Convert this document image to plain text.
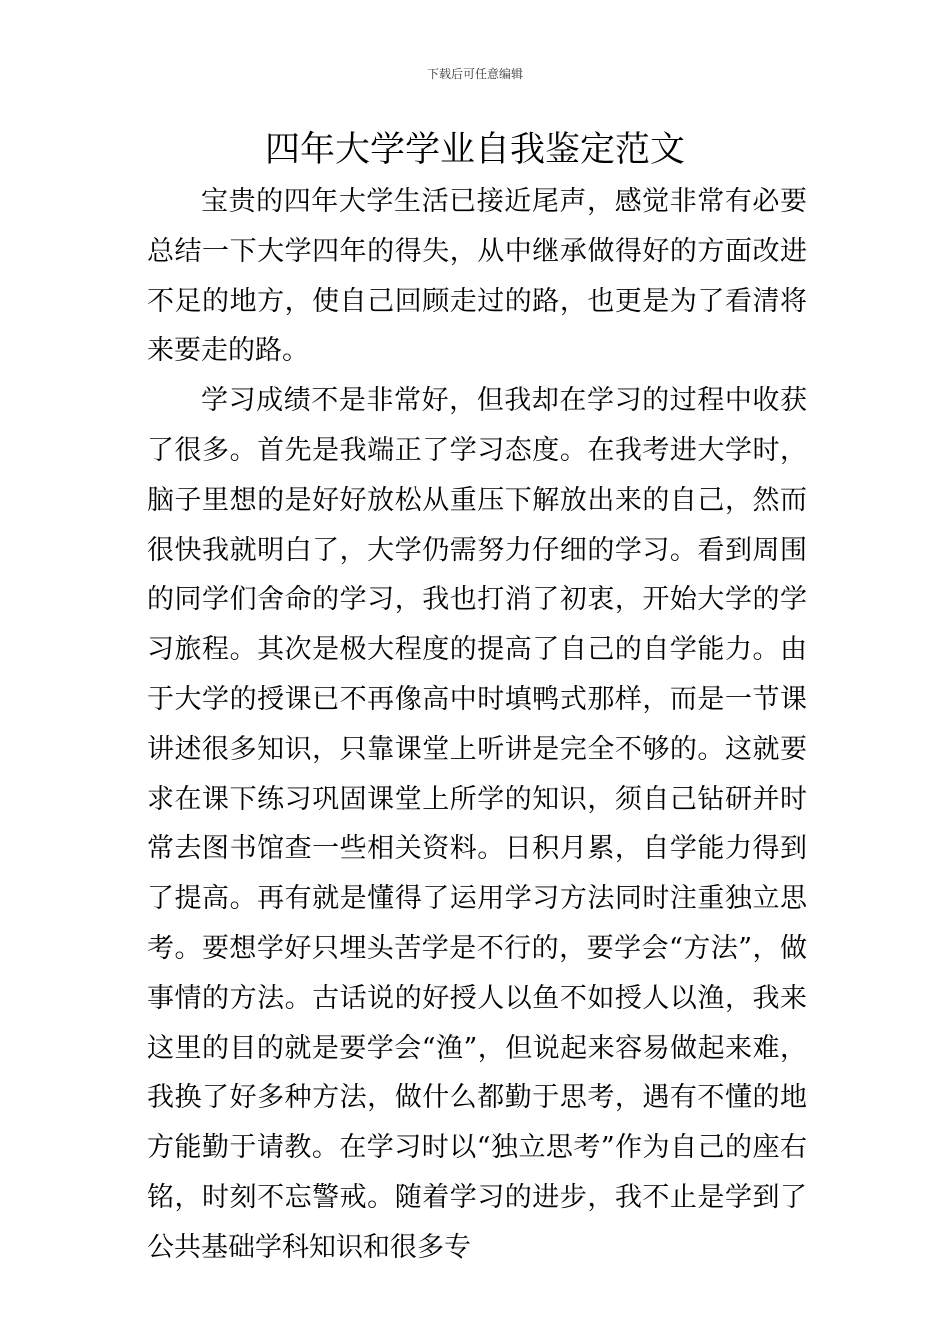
下载后可任意编辑
四年大学学业自我鉴定范文

宝贵的四年大学生活已接近尾声，感觉非常有必要总结一下大学四年的得失，从中继承做得好的方面改进不足的地方，使自己回顾走过的路，也更是为了看清将来要走的路。

学习成绩不是非常好，但我却在学习的过程中收获了很多。首先是我端正了学习态度。在我考进大学时，脑子里想的是好好放松从重压下解放出来的自己，然而很快我就明白了，大学仍需努力仔细的学习。看到周围的同学们舍命的学习，我也打消了初衷，开始大学的学习旅程。其次是极大程度的提高了自己的自学能力。由于大学的授课已不再像高中时填鸭式那样，而是一节课讲述很多知识，只靠课堂上听讲是完全不够的。这就要求在课下练习巩固课堂上所学的知识，须自己钻研并时常去图书馆查一些相关资料。日积月累，自学能力得到了提高。再有就是懂得了运用学习方法同时注重独立思考。要想学好只埋头苦学是不行的，要学会“方法”，做事情的方法。古话说的好授人以鱼不如授人以渔，我来这里的目的就是要学会“渔”，但说起来容易做起来难，我换了好多种方法，做什么都勤于思考，遇有不懂的地方能勤于请教。在学习时以“独立思考”作为自己的座右铭，时刻不忘警戒。随着学习的进步，我不止是学到了公共基础学科知识和很多专
